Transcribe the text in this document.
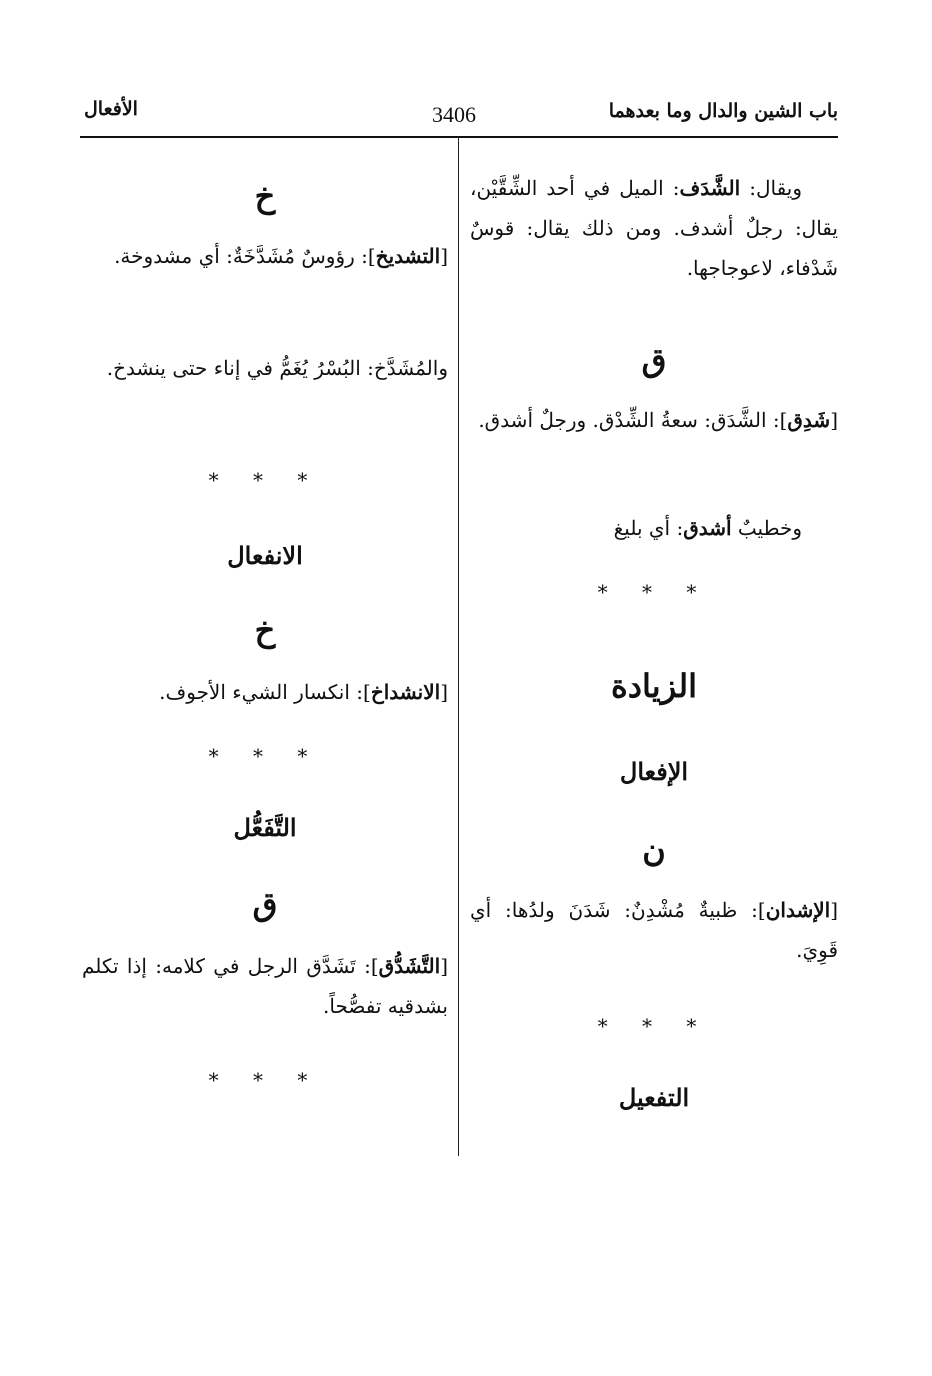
باب الشين والدال وما بعدهما
3406
الأفعال
ويقال: الشَّدَف: الميل في أحد الشِّقَّيْن، يقال: رجلٌ أشدف. ومن ذلك يقال: قوسٌ شَدْفاء، لاعوجاجها.
ق
[شَدِق]: الشَّدَق: سعةُ الشِّدْق. ورجلٌ أشدق.
وخطيبٌ أشدق: أي بليغ
* * *
الزيادة
الإفعال
ن
[الإشدان]: ظبيةٌ مُشْدِنٌ: شَدَنَ ولدُها: أي قَوِيَ.
* * *
التفعيل
خ
[التشديخ]: رؤوسٌ مُشَدَّخَةٌ: أي مشدوخة.
والمُشَدَّخ: البُسْرُ يُغَمُّ في إناء حتى ينشدخ.
* * *
الانفعال
خ
[الانشداخ]: انكسار الشيء الأجوف.
* * *
التَّفَعُّل
ق
[التَّشَدُّق]: تَشَدَّق الرجل في كلامه: إذا تكلم بشدقيه تفصُّحاً.
* * *
